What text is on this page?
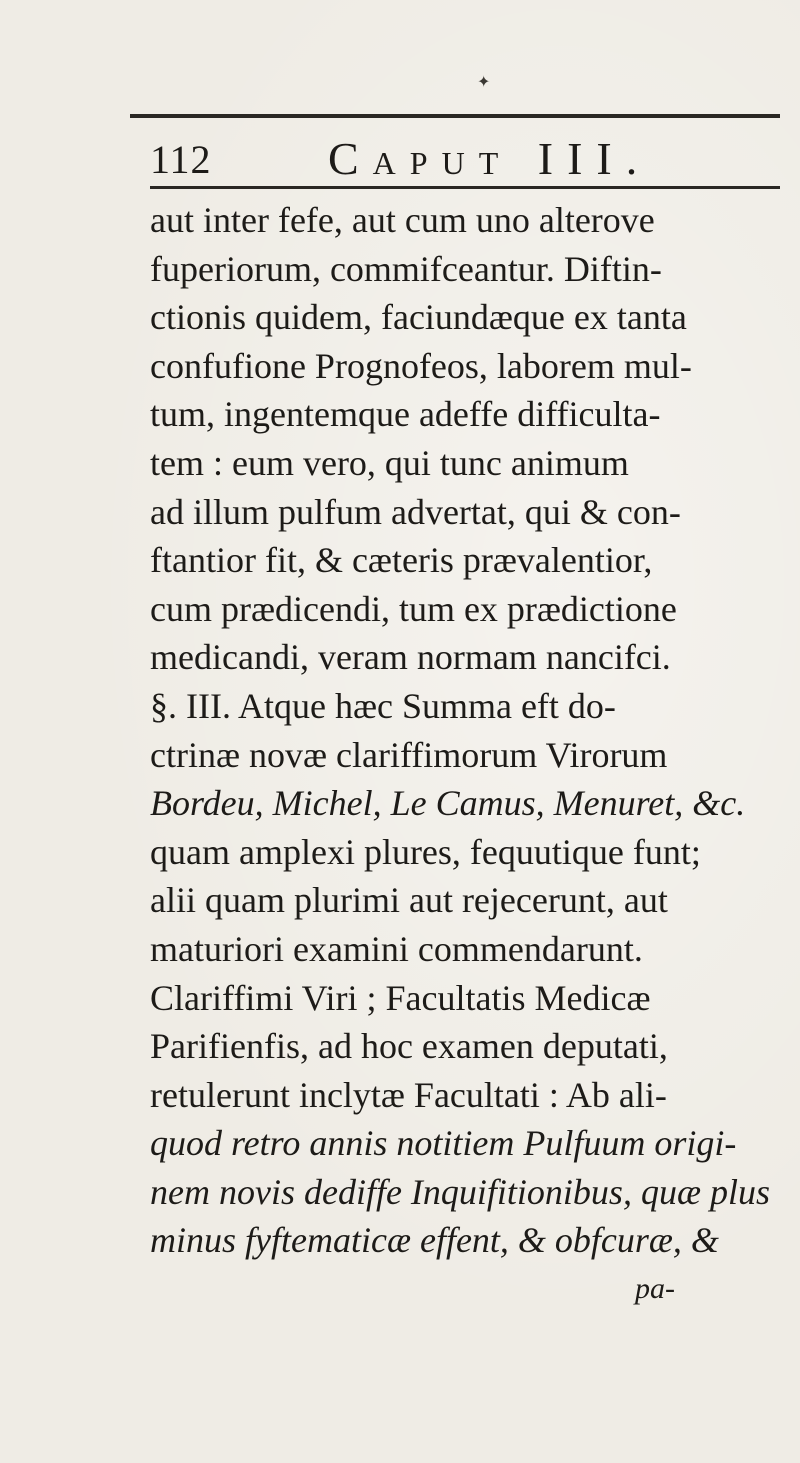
✦
112	Caput III.
aut inter fefe, aut cum uno alterove
fuperiorum, commifceantur. Diftin-
ctionis quidem, faciundæque ex tanta
confufione Prognofeos, laborem mul-
tum, ingentemque adeffe difficulta-
tem : eum vero, qui tunc animum
ad illum pulfum advertat, qui & con-
ftantior fit, & cæteris prævalentior,
cum prædicendi, tum ex prædictione
medicandi, veram normam nancifci.
§. III. Atque hæc Summa eft do-
ctrinæ novæ clariffimorum Virorum
Bordeu, Michel, Le Camus, Menuret, &c.
quam amplexi plures, fequutique funt;
alii quam plurimi aut rejecerunt, aut
maturiori examini commendarunt.
Clariffimi Viri ; Facultatis Medicæ
Parifienfis, ad hoc examen deputati,
retulerunt inclytæ Facultati : Ab ali-
quod retro annis notitiem Pulfuum origi-
nem novis dediffe Inquifitionibus, quæ plus
minus fyftematicæ effent, & obfcuræ, &
pa-
